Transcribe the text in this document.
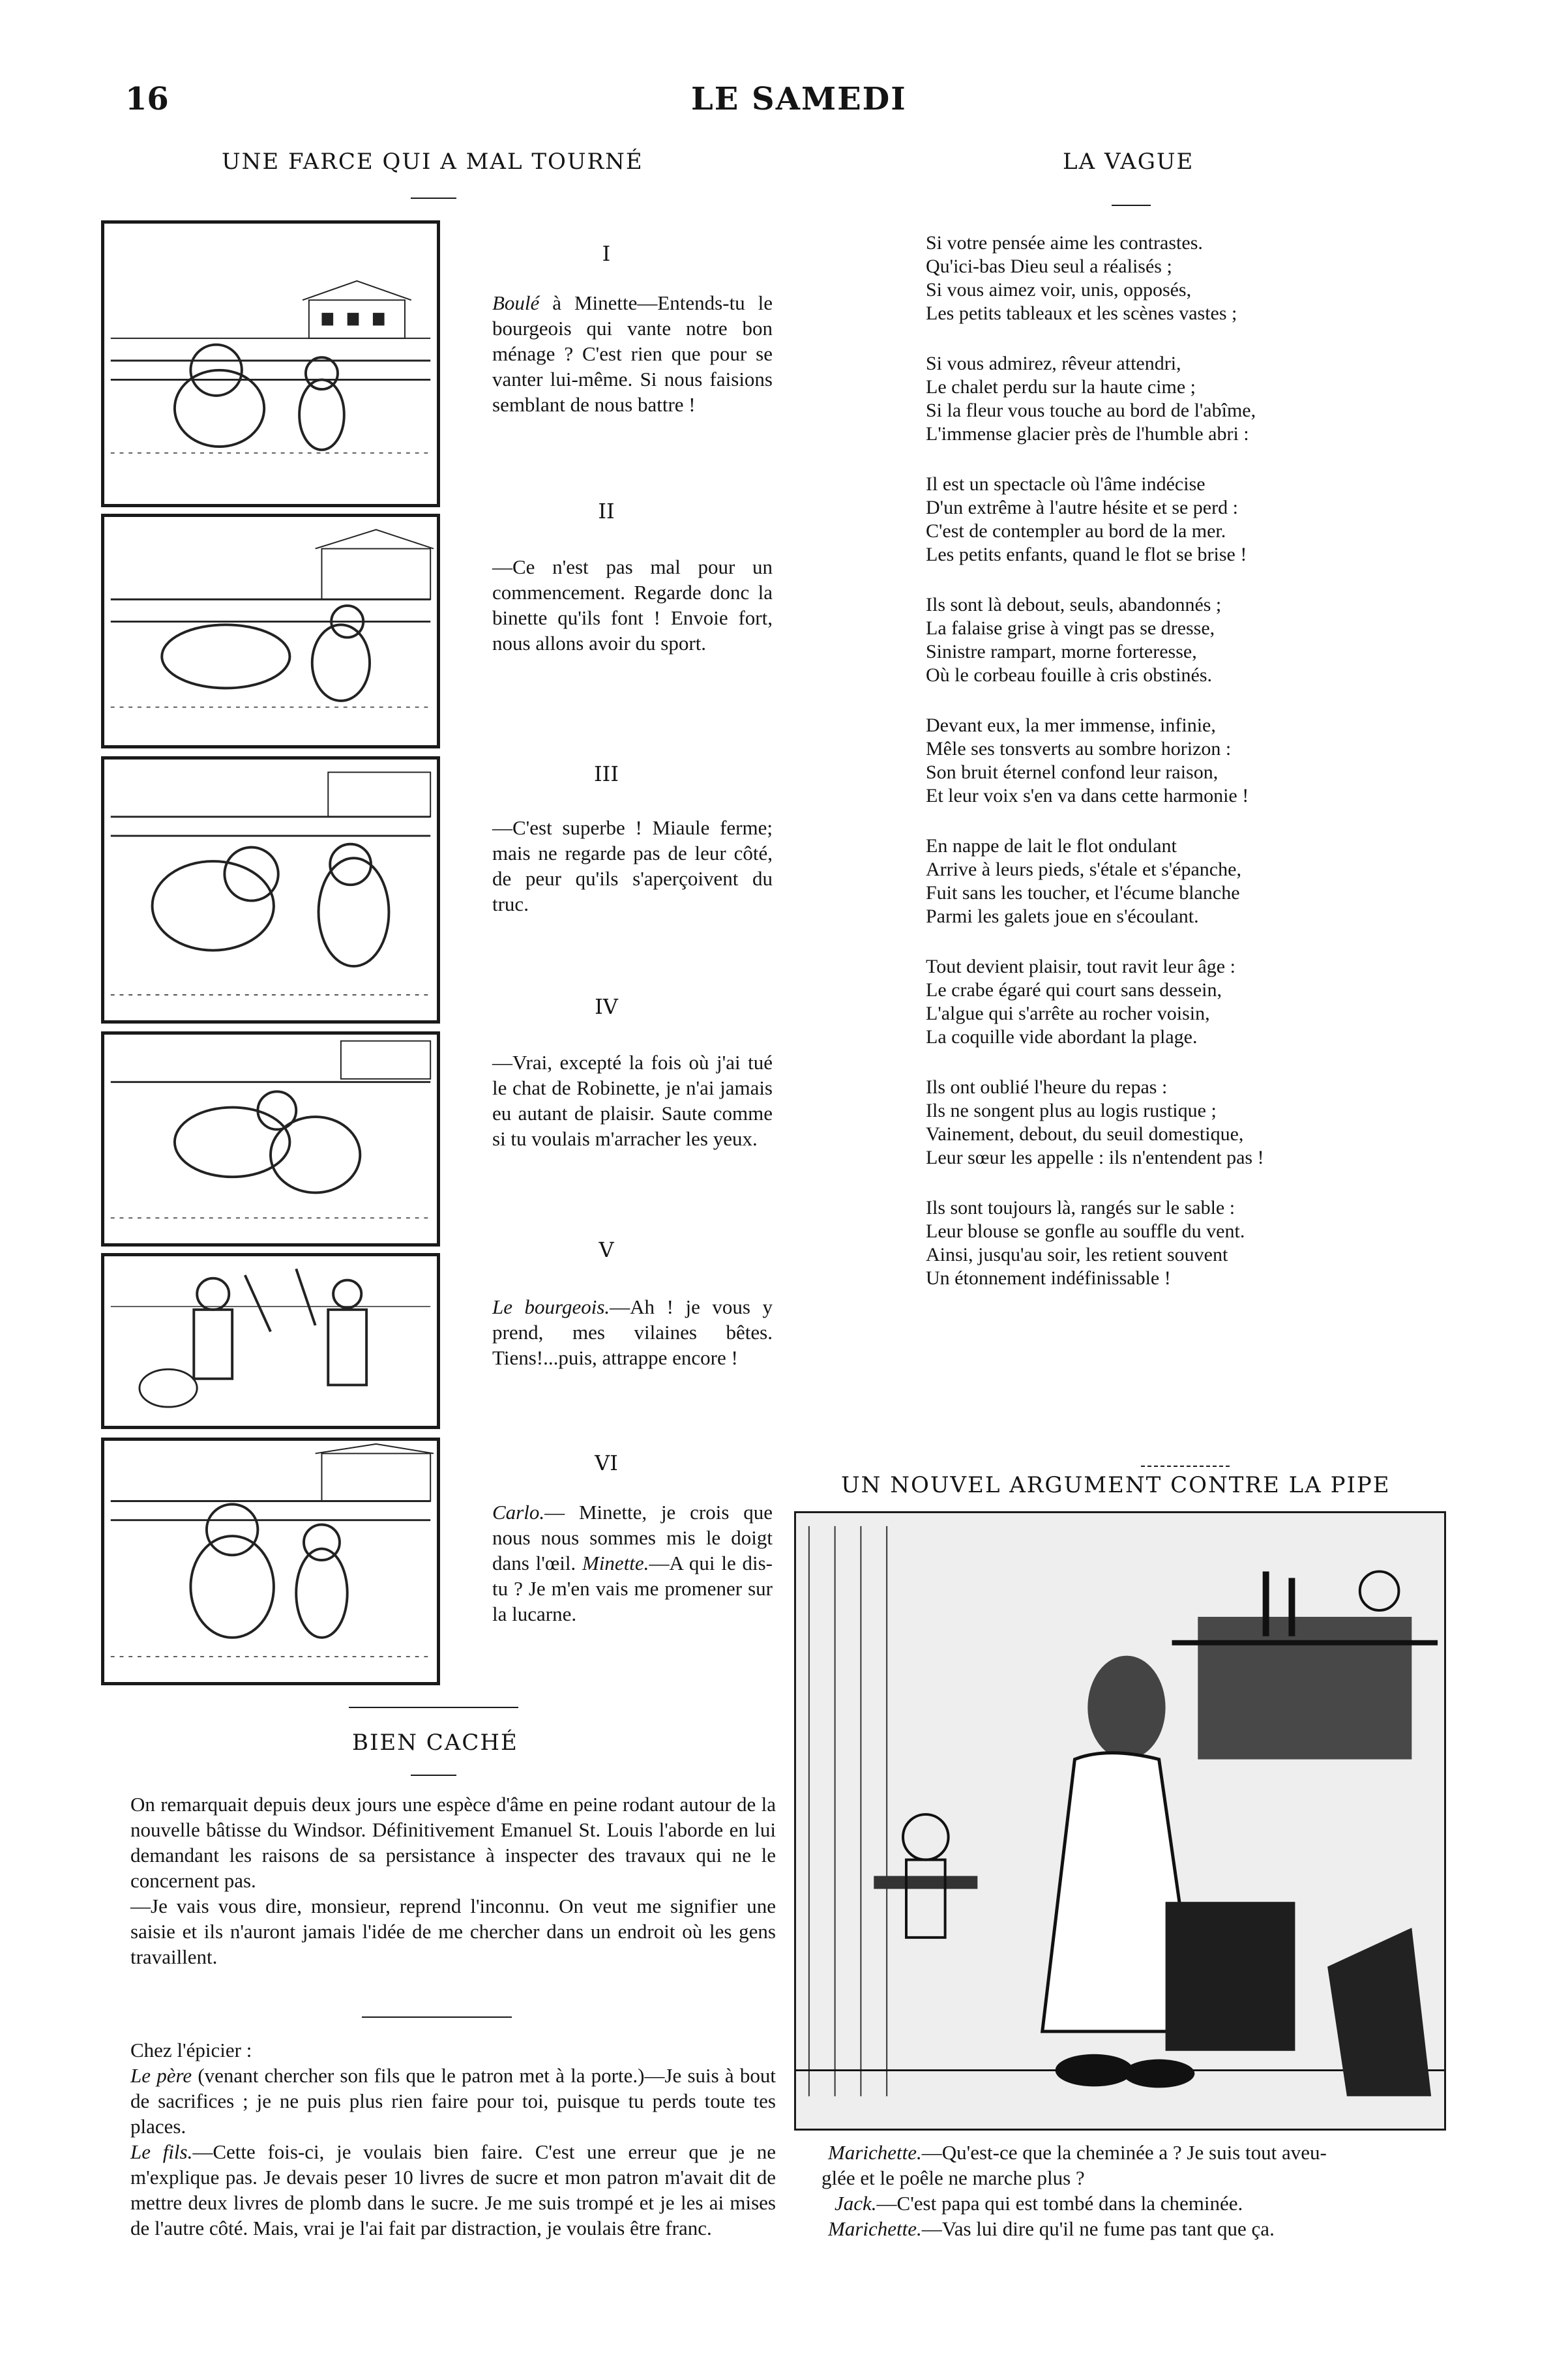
16	LE SAMEDI
UNE FARCE QUI A MAL TOURNÉ
I
Boulé à Minette—Entends-tu le bourgeois qui vante notre bon ménage ? C'est rien que pour se vanter lui-même. Si nous faisions semblant de nous battre !
II
—Ce n'est pas mal pour un commencement. Regarde donc la binette qu'ils font ! Envoie fort, nous allons avoir du sport.
III
—C'est superbe ! Miaule ferme; mais ne regarde pas de leur côté, de peur qu'ils s'aperçoivent du truc.
IV
—Vrai, excepté la fois où j'ai tué le chat de Robinette, je n'ai jamais eu autant de plaisir. Saute comme si tu voulais m'arracher les yeux.
V
Le bourgeois.—Ah ! je vous y prend, mes vilaines bêtes. Tiens!...puis, attrappe encore !
VI
Carlo.— Minette, je crois que nous nous sommes mis le doigt dans l'œil. Minette.—A qui le dis-tu ? Je m'en vais me promener sur la lucarne.
LA VAGUE
Si votre pensée aime les contrastes.
Qu'ici-bas Dieu seul a réalisés ;
Si vous aimez voir, unis, opposés,
Les petits tableaux et les scènes vastes ;
Si vous admirez, rêveur attendri,
Le chalet perdu sur la haute cime ;
Si la fleur vous touche au bord de l'abîme,
L'immense glacier près de l'humble abri :
Il est un spectacle où l'âme indécise
D'un extrême à l'autre hésite et se perd :
C'est de contempler au bord de la mer.
Les petits enfants, quand le flot se brise !
Ils sont là debout, seuls, abandonnés ;
La falaise grise à vingt pas se dresse,
Sinistre rampart, morne forteresse,
Où le corbeau fouille à cris obstinés.
Devant eux, la mer immense, infinie,
Mêle ses tonsverts au sombre horizon :
Son bruit éternel confond leur raison,
Et leur voix s'en va dans cette harmonie !
En nappe de lait le flot ondulant
Arrive à leurs pieds, s'étale et s'épanche,
Fuit sans les toucher, et l'écume blanche
Parmi les galets joue en s'écoulant.
Tout devient plaisir, tout ravit leur âge :
Le crabe égaré qui court sans dessein,
L'algue qui s'arrête au rocher voisin,
La coquille vide abordant la plage.
Ils ont oublié l'heure du repas :
Ils ne songent plus au logis rustique ;
Vainement, debout, du seuil domestique,
Leur sœur les appelle : ils n'entendent pas !
Ils sont toujours là, rangés sur le sable :
Leur blouse se gonfle au souffle du vent.
Ainsi, jusqu'au soir, les retient souvent
Un étonnement indéfinissable !
BIEN CACHÉ

On remarquait depuis deux jours une espèce d'âme en peine rodant autour de la nouvelle bâtisse du Windsor. Définitivement Emanuel St. Louis l'aborde en lui demandant les raisons de sa persistance à inspecter des travaux qui ne le concernent pas.

—Je vais vous dire, monsieur, reprend l'inconnu. On veut me signifier une saisie et ils n'auront jamais l'idée de me chercher dans un endroit où les gens travaillent.

Chez l'épicier :

Le père (venant chercher son fils que le patron met à la porte.)—Je suis à bout de sacrifices ; je ne puis plus rien faire pour toi, puisque tu perds toute tes places.

Le fils.—Cette fois-ci, je voulais bien faire. C'est une erreur que je ne m'explique pas. Je devais peser 10 livres de sucre et mon patron m'avait dit de mettre deux livres de plomb dans le sucre. Je me suis trompé et je les ai mises de l'autre côté. Mais, vrai je l'ai fait par distraction, je voulais être franc.

UN NOUVEL ARGUMENT CONTRE LA PIPE
Marichette.—Qu'est-ce que la cheminée a ? Je suis tout aveu-
glée et le poêle ne marche plus ?
Jack.—C'est papa qui est tombé dans la cheminée.
Marichette.—Vas lui dire qu'il ne fume pas tant que ça.
